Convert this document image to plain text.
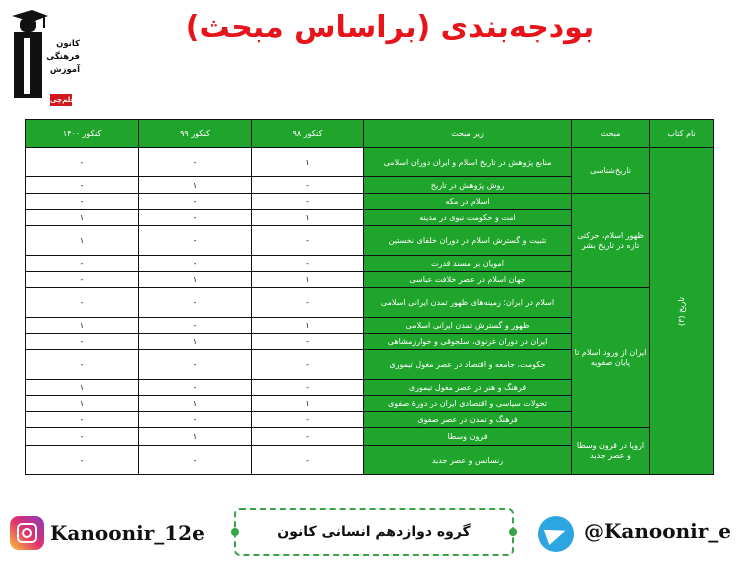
بودجه‌بندی (براساس مبحث)
کانون
فرهنگی
آموزش
قلم‌چی
نام کتاب	مبحث	زیر مبحث	کنکور ۹۸	کنکور ۹۹	کنکور ۱۴۰۰
تاریخ (۳)	تاریخ‌شناسی	منابع پژوهش در تاریخ اسلام و ایران دوران اسلامی	۱	-	-
		روش پژوهش در تاریخ	-	۱	-
	ظهور اسلام، حرکتی تازه در تاریخ بشر	اسلام در مکه	-	-	-
		امت و حکومت نبوی در مدینه	۱	-	۱
		تثبیت و گسترش اسلام در دوران خلفای نخستین	-	-	۱
		امویان بر مسند قدرت	-	-	-
		جهان اسلام در عصر خلافت عباسی	۱	۱	-
	ایران از ورود اسلام تا پایان صفویه	اسلام در ایران؛ زمینه‌های ظهور تمدن ایرانی اسلامی	-	-	-
		ظهور و گسترش تمدن ایرانی اسلامی	۱	-	۱
		ایران در دوران غزنوی، سلجوقی و خوارزمشاهی	-	۱	-
		حکومت، جامعه و اقتصاد در عصر مغول تیموری	-	-	-
		فرهنگ و هنر در عصر مغول تیموری	-	-	۱
		تحولات سیاسی و اقتصادی ایران در دورهٔ صفوی	۱	۱	۱
		فرهنگ و تمدن در عصر صفوی	-	-	-
	اروپا در قرون وسطا و عصر جدید	قرون وسطا	-	۱	-
		رنسانس و عصر جدید	-	-	-
گروه دوازدهم انسانی کانون
Kanoonir_12e	@Kanoonir_e
